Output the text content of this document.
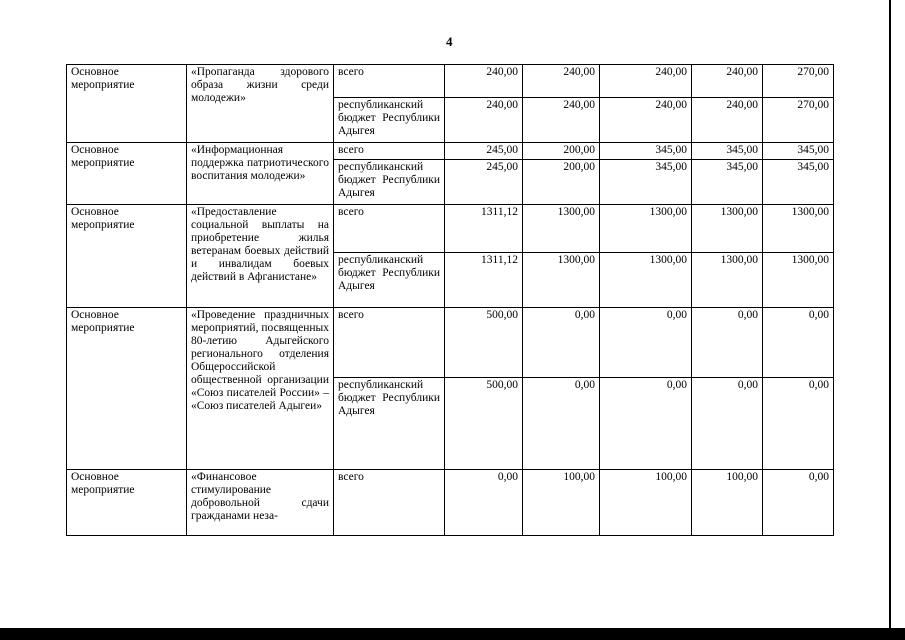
4
Основное мероприятие	«Пропаганда здорового образа жизни среди молодежи»	всего	240,00	240,00	240,00	240,00	270,00
		республиканский бюджет Республики Адыгея	240,00	240,00	240,00	240,00	270,00
Основное мероприятие	«Информационная поддержка патриотического воспитания молодежи»	всего	245,00	200,00	345,00	345,00	345,00
		республиканский бюджет Республики Адыгея	245,00	200,00	345,00	345,00	345,00
Основное мероприятие	«Предоставление социальной выплаты на приобретение жилья ветеранам боевых действий и инвалидам боевых действий в Афганистане»	всего	1311,12	1300,00	1300,00	1300,00	1300,00
		республиканский бюджет Республики Адыгея	1311,12	1300,00	1300,00	1300,00	1300,00
Основное мероприятие	«Проведение праздничных мероприятий, посвященных 80-летию Адыгейского регионального отделения Общероссийской общественной организации «Союз писателей России» – «Союз писателей Адыгеи»	всего	500,00	0,00	0,00	0,00	0,00
		республиканский бюджет Республики Адыгея	500,00	0,00	0,00	0,00	0,00
Основное мероприятие	«Финансовое стимулирование добровольной сдачи гражданами неза-	всего	0,00	100,00	100,00	100,00	0,00
